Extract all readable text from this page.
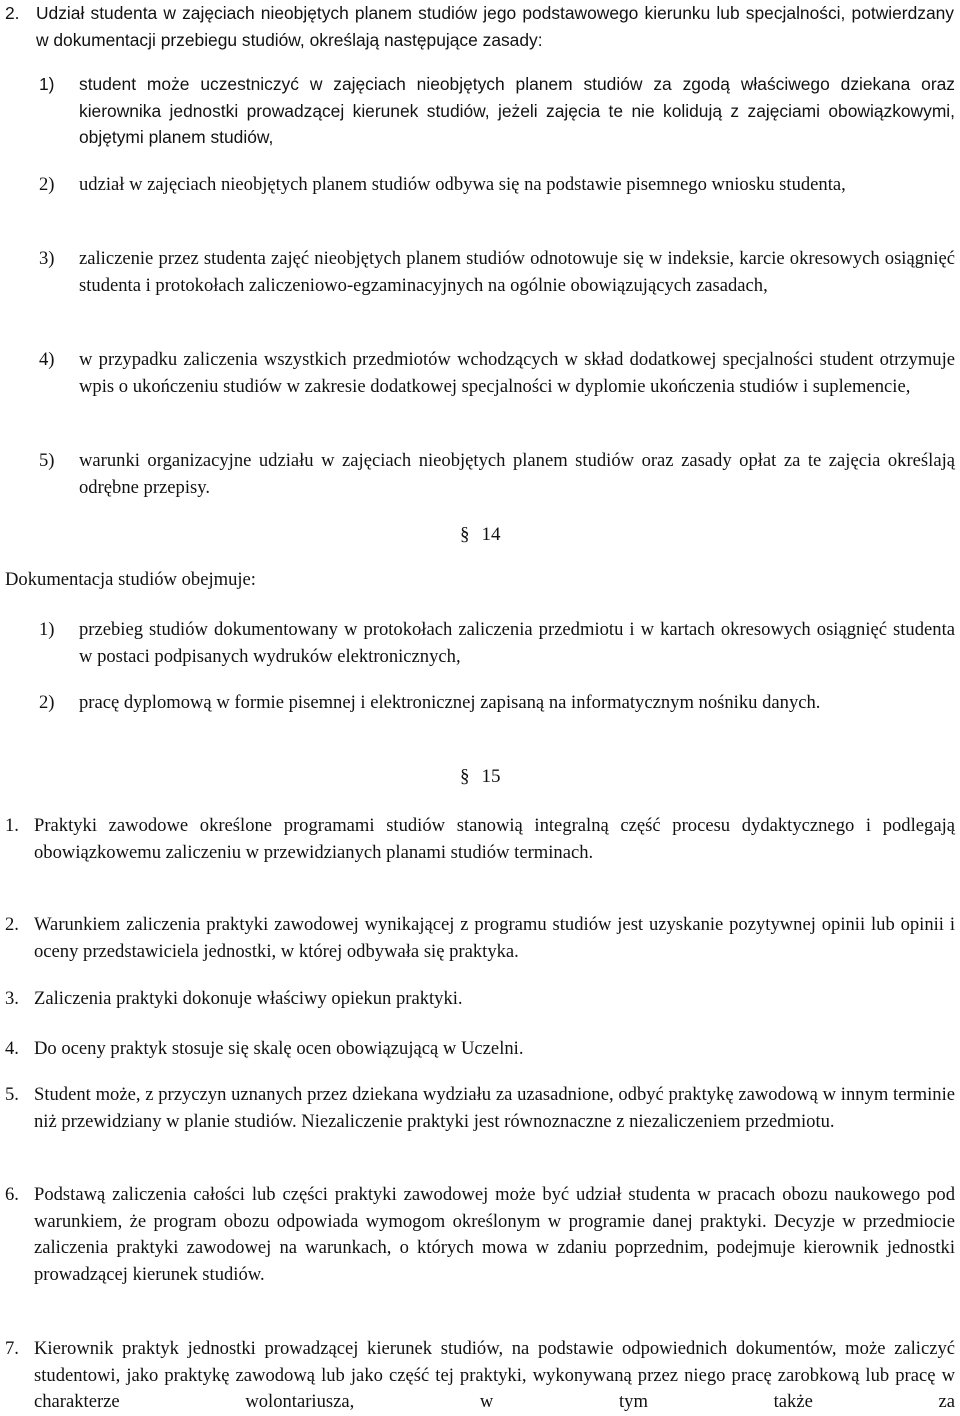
2. Udział studenta w zajęciach nieobjętych planem studiów jego podstawowego kierunku lub specjalności, potwierdzany w dokumentacji przebiegu studiów, określają następujące zasady:
1) student może uczestniczyć w zajęciach nieobjętych planem studiów za zgodą właściwego dziekana oraz kierownika jednostki prowadzącej kierunek studiów, jeżeli zajęcia te nie kolidują z zajęciami obowiązkowymi, objętymi planem studiów,
2) udział w zajęciach nieobjętych planem studiów odbywa się na podstawie pisemnego wniosku studenta,
3) zaliczenie przez studenta zajęć nieobjętych planem studiów odnotowuje się w indeksie, karcie okresowych osiągnięć studenta i protokołach zaliczeniowo-egzaminacyjnych na ogólnie obowiązujących zasadach,
4) w przypadku zaliczenia wszystkich przedmiotów wchodzących w skład dodatkowej specjalności student otrzymuje wpis o ukończeniu studiów w zakresie dodatkowej specjalności w dyplomie ukończenia studiów i suplemencie,
5) warunki organizacyjne udziału w zajęciach nieobjętych planem studiów oraz zasady opłat za te zajęcia określają odrębne przepisy.
§ 14
Dokumentacja studiów obejmuje:
1) przebieg studiów dokumentowany w protokołach zaliczenia przedmiotu i w kartach okresowych osiągnięć studenta w postaci podpisanych wydruków elektronicznych,
2) pracę dyplomową w formie pisemnej i elektronicznej zapisaną na informatycznym nośniku danych.
§ 15
1. Praktyki zawodowe określone programami studiów stanowią integralną część procesu dydaktycznego i podlegają obowiązkowemu zaliczeniu w przewidzianych planami studiów terminach.
2. Warunkiem zaliczenia praktyki zawodowej wynikającej z programu studiów jest uzyskanie pozytywnej opinii lub opinii i oceny przedstawiciela jednostki, w której odbywała się praktyka.
3. Zaliczenia praktyki dokonuje właściwy opiekun praktyki.
4. Do oceny praktyk stosuje się skalę ocen obowiązującą w Uczelni.
5. Student może, z przyczyn uznanych przez dziekana wydziału za uzasadnione, odbyć praktykę zawodową w innym terminie niż przewidziany w planie studiów. Niezaliczenie praktyki jest równoznaczne z niezaliczeniem przedmiotu.
6. Podstawą zaliczenia całości lub części praktyki zawodowej może być udział studenta w pracach obozu naukowego pod warunkiem, że program obozu odpowiada wymogom określonym w programie danej praktyki. Decyzje w przedmiocie zaliczenia praktyki zawodowej na warunkach, o których mowa w zdaniu poprzednim, podejmuje kierownik jednostki prowadzącej kierunek studiów.
7. Kierownik praktyk jednostki prowadzącej kierunek studiów, na podstawie odpowiednich dokumentów, może zaliczyć studentowi, jako praktykę zawodową lub jako część tej praktyki, wykonywaną przez niego pracę zarobkową lub pracę w charakterze wolontariusza, w tym także za
